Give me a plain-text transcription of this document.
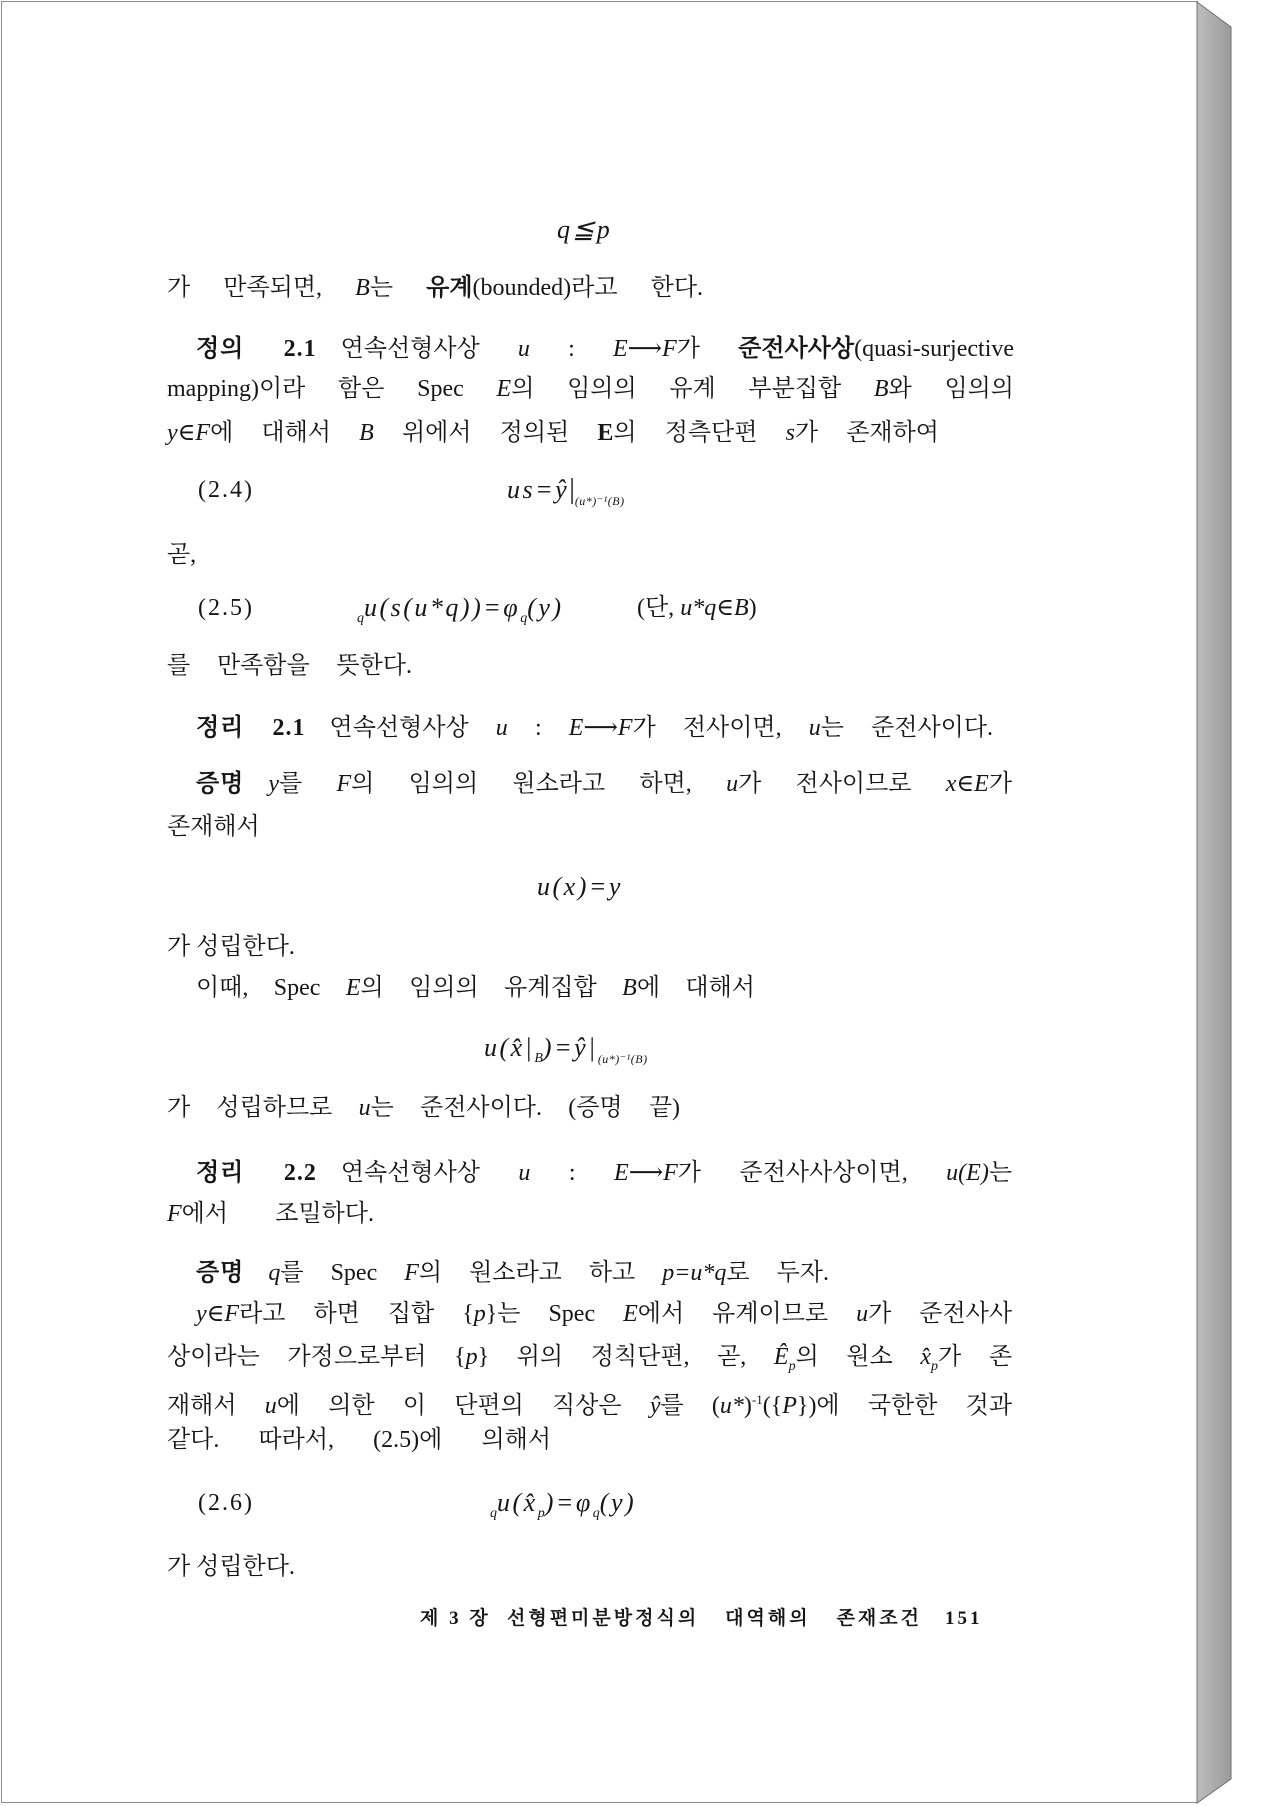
q≦p
가 만족되면, B는 유계(bounded)라고 한다.
정의 2.1 연속선형사상 u : E⟶F가 준전사사상(quasi-surjective
mapping)이라 함은 Spec E의 임의의 유계 부분집합 B와 임의의
y∈F에 대해서 B 위에서 정의된 E의 정측단편 s가 존재하여
(2.4)	$us=ŷ|_{(u*)^{-1}(B)}$
곧,
(2.5)	$_qu(s(u*q))=\varphi_q(y)$	(단, u*q∈B)
를 만족함을 뜻한다.
정리 2.1 연속선형사상 u : E⟶F가 전사이면, u는 준전사이다.
증명 y를 F의 임의의 원소라고 하면, u가 전사이므로 x∈E가
존재해서
u(x)=y
가 성립한다.
이때, Spec E의 임의의 유계집합 B에 대해서
$u(x̂|_B)=ŷ|_{(u*)^{-1}(B)}$
가 성립하므로 u는 준전사이다. (증명 끝)
정리 2.2 연속선형사상 u : E⟶F가 준전사사상이면, u(E)는
F에서 조밀하다.
증명 q를 Spec F의 원소라고 하고 p=u*q로 두자.
y∈F라고 하면 집합 {p}는 Spec E에서 유계이므로 u가 준전사사
상이라는 가정으로부터 {p} 위의 정칙단편, 곧, $Ê_p$의 원소 $x̂_p$가 존
재해서 u에 의한 이 단편의 직상은 ŷ를 $(u*)^{-1}(\{P\})$에 국한한 것과
같다. 따라서, (2.5)에 의해서
(2.6)	$_qu(x̂_p)=\varphi_q(y)$
가 성립한다.
제 3 장 선형편미분방정식의 대역해의 존재조건 151
